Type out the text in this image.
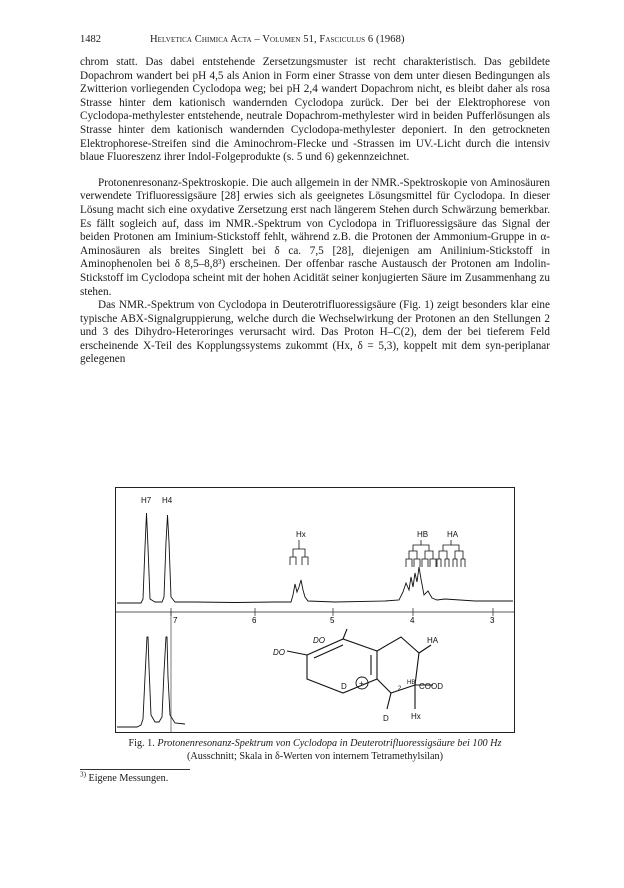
1482	Helvetica Chimica Acta – Volumen 51, Fasciculus 6 (1968)

chrom statt. Das dabei entstehende Zersetzungsmuster ist recht charakteristisch. Das gebildete Dopachrom wandert bei pH 4,5 als Anion in Form einer Strasse von dem unter diesen Bedingungen als Zwitterion vorliegenden Cyclodopa weg; bei pH 2,4 wandert Dopachrom nicht, es bleibt daher als rosa Strasse hinter dem kationisch wandernden Cyclodopa zurück. Der bei der Elektrophorese von Cyclodopa-methylester entstehende, neutrale Dopachrom-methylester wird in beiden Pufferlösungen als Strasse hinter dem kationisch wandernden Cyclodopa-methylester deponiert. In den getrockneten Elektrophorese-Streifen sind die Aminochrom-Flecke und -Strassen im UV.-Licht durch die intensiv blaue Fluoreszenz ihrer Indol-Folgeprodukte (s. 5 und 6) gekennzeichnet.

Protonenresonanz-Spektroskopie. Die auch allgemein in der NMR.-Spektroskopie von Aminosäuren verwendete Trifluoressigsäure [28] erwies sich als geeignetes Lösungsmittel für Cyclodopa. In dieser Lösung macht sich eine oxydative Zersetzung erst nach längerem Stehen durch Schwärzung bemerkbar. Es fällt sogleich auf, dass im NMR.-Spektrum von Cyclodopa in Trifluoressigsäure das Signal der beiden Protonen am Iminium-Stickstoff fehlt, während z.B. die Protonen der Ammonium-Gruppe in α-Aminosäuren als breites Singlett bei δ ca. 7,5 [28], diejenigen am Anilinium-Stickstoff in Aminophenolen bei δ 8,5–8,8³) erscheinen. Der offenbar rasche Austausch der Protonen am Indolin-Stickstoff im Cyclodopa scheint mit der hohen Acidität seiner konjugierten Säure im Zusammenhang zu stehen.

Das NMR.-Spektrum von Cyclodopa in Deuterotrifluoressigsäure (Fig. 1) zeigt besonders klar eine typische ABX-Signalgruppierung, welche durch die Wechselwirkung der Protonen an den Stellungen 2 und 3 des Dihydro-Heteroringes verursacht wird. Das Proton H–C(2), dem der bei tieferem Feld erscheinende X-Teil des Kopplungssystems zukommt (Hx, δ = 5,3), koppelt mit dem syn-periplanar gelegenen

7	6	5	4	3
H7 H4
Hx	HB HA
DO
DO
D +
2
HA
HB COOD
D	Hx
Fig. 1. Protonenresonanz-Spektrum von Cyclodopa in Deuterotrifluoressigsäure bei 100 Hz
(Ausschnitt; Skala in δ-Werten von internem Tetramethylsilan)
$^{3)}$ Eigene Messungen.
